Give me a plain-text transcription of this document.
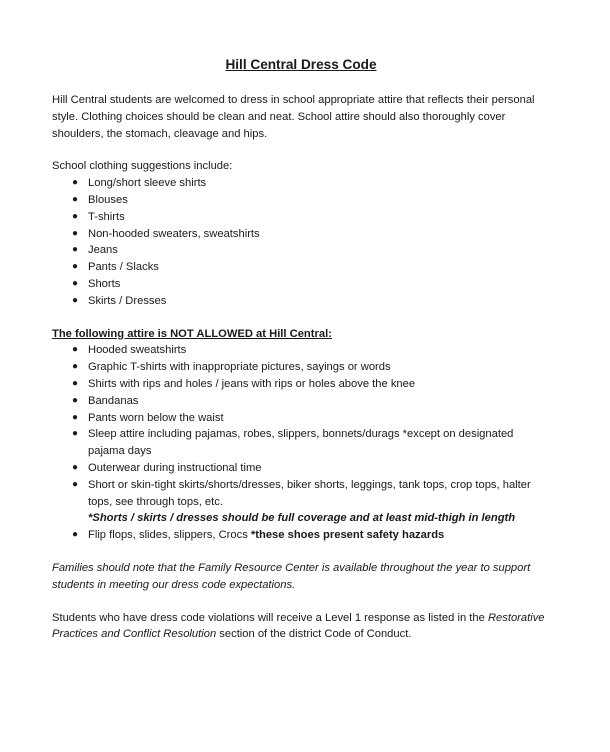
Hill Central Dress Code

Hill Central students are welcomed to dress in school appropriate attire that reflects their personal style. Clothing choices should be clean and neat. School attire should also thoroughly cover shoulders, the stomach, cleavage and hips.

School clothing suggestions include:

● Long/short sleeve shirts
● Blouses
● T-shirts
● Non-hooded sweaters, sweatshirts
● Jeans
● Pants / Slacks
● Shorts
● Skirts / Dresses

The following attire is NOT ALLOWED at Hill Central:

● Hooded sweatshirts
● Graphic T-shirts with inappropriate pictures, sayings or words
● Shirts with rips and holes / jeans with rips or holes above the knee
● Bandanas
● Pants worn below the waist
● Sleep attire including pajamas, robes, slippers, bonnets/durags *except on designated pajama days
● Outerwear during instructional time
● Short or skin-tight skirts/shorts/dresses, biker shorts, leggings, tank tops, crop tops, halter tops, see through tops, etc.
*Shorts / skirts / dresses should be full coverage and at least mid-thigh in length
● Flip flops, slides, slippers, Crocs *these shoes present safety hazards

Families should note that the Family Resource Center is available throughout the year to support students in meeting our dress code expectations.

Students who have dress code violations will receive a Level 1 response as listed in the Restorative Practices and Conflict Resolution section of the district Code of Conduct.
